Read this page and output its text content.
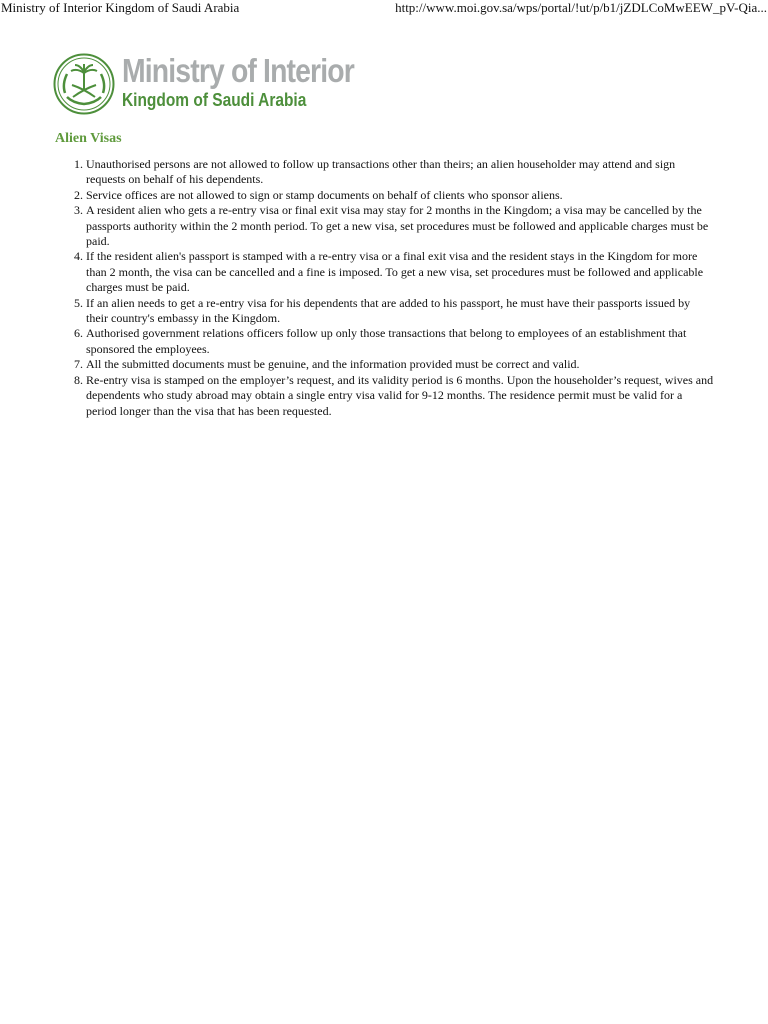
Ministry of Interior Kingdom of Saudi Arabia	http://www.moi.gov.sa/wps/portal/!ut/p/b1/jZDLCoMwEEW_pV-Qia...
Ministry of Interior
Kingdom of Saudi Arabia
Alien Visas
1. Unauthorised persons are not allowed to follow up transactions other than theirs; an alien householder may attend and sign requests on behalf of his dependents.
2. Service offices are not allowed to sign or stamp documents on behalf of clients who sponsor aliens.
3. A resident alien who gets a re-entry visa or final exit visa may stay for 2 months in the Kingdom; a visa may be cancelled by the passports authority within the 2 month period. To get a new visa, set procedures must be followed and applicable charges must be paid.
4. If the resident alien's passport is stamped with a re-entry visa or a final exit visa and the resident stays in the Kingdom for more than 2 month, the visa can be cancelled and a fine is imposed. To get a new visa, set procedures must be followed and applicable charges must be paid.
5. If an alien needs to get a re-entry visa for his dependents that are added to his passport, he must have their passports issued by their country's embassy in the Kingdom.
6. Authorised government relations officers follow up only those transactions that belong to employees of an establishment that sponsored the employees.
7. All the submitted documents must be genuine, and the information provided must be correct and valid.
8. Re-entry visa is stamped on the employer’s request, and its validity period is 6 months. Upon the householder’s request, wives and dependents who study abroad may obtain a single entry visa valid for 9-12 months. The residence permit must be valid for a period longer than the visa that has been requested.
